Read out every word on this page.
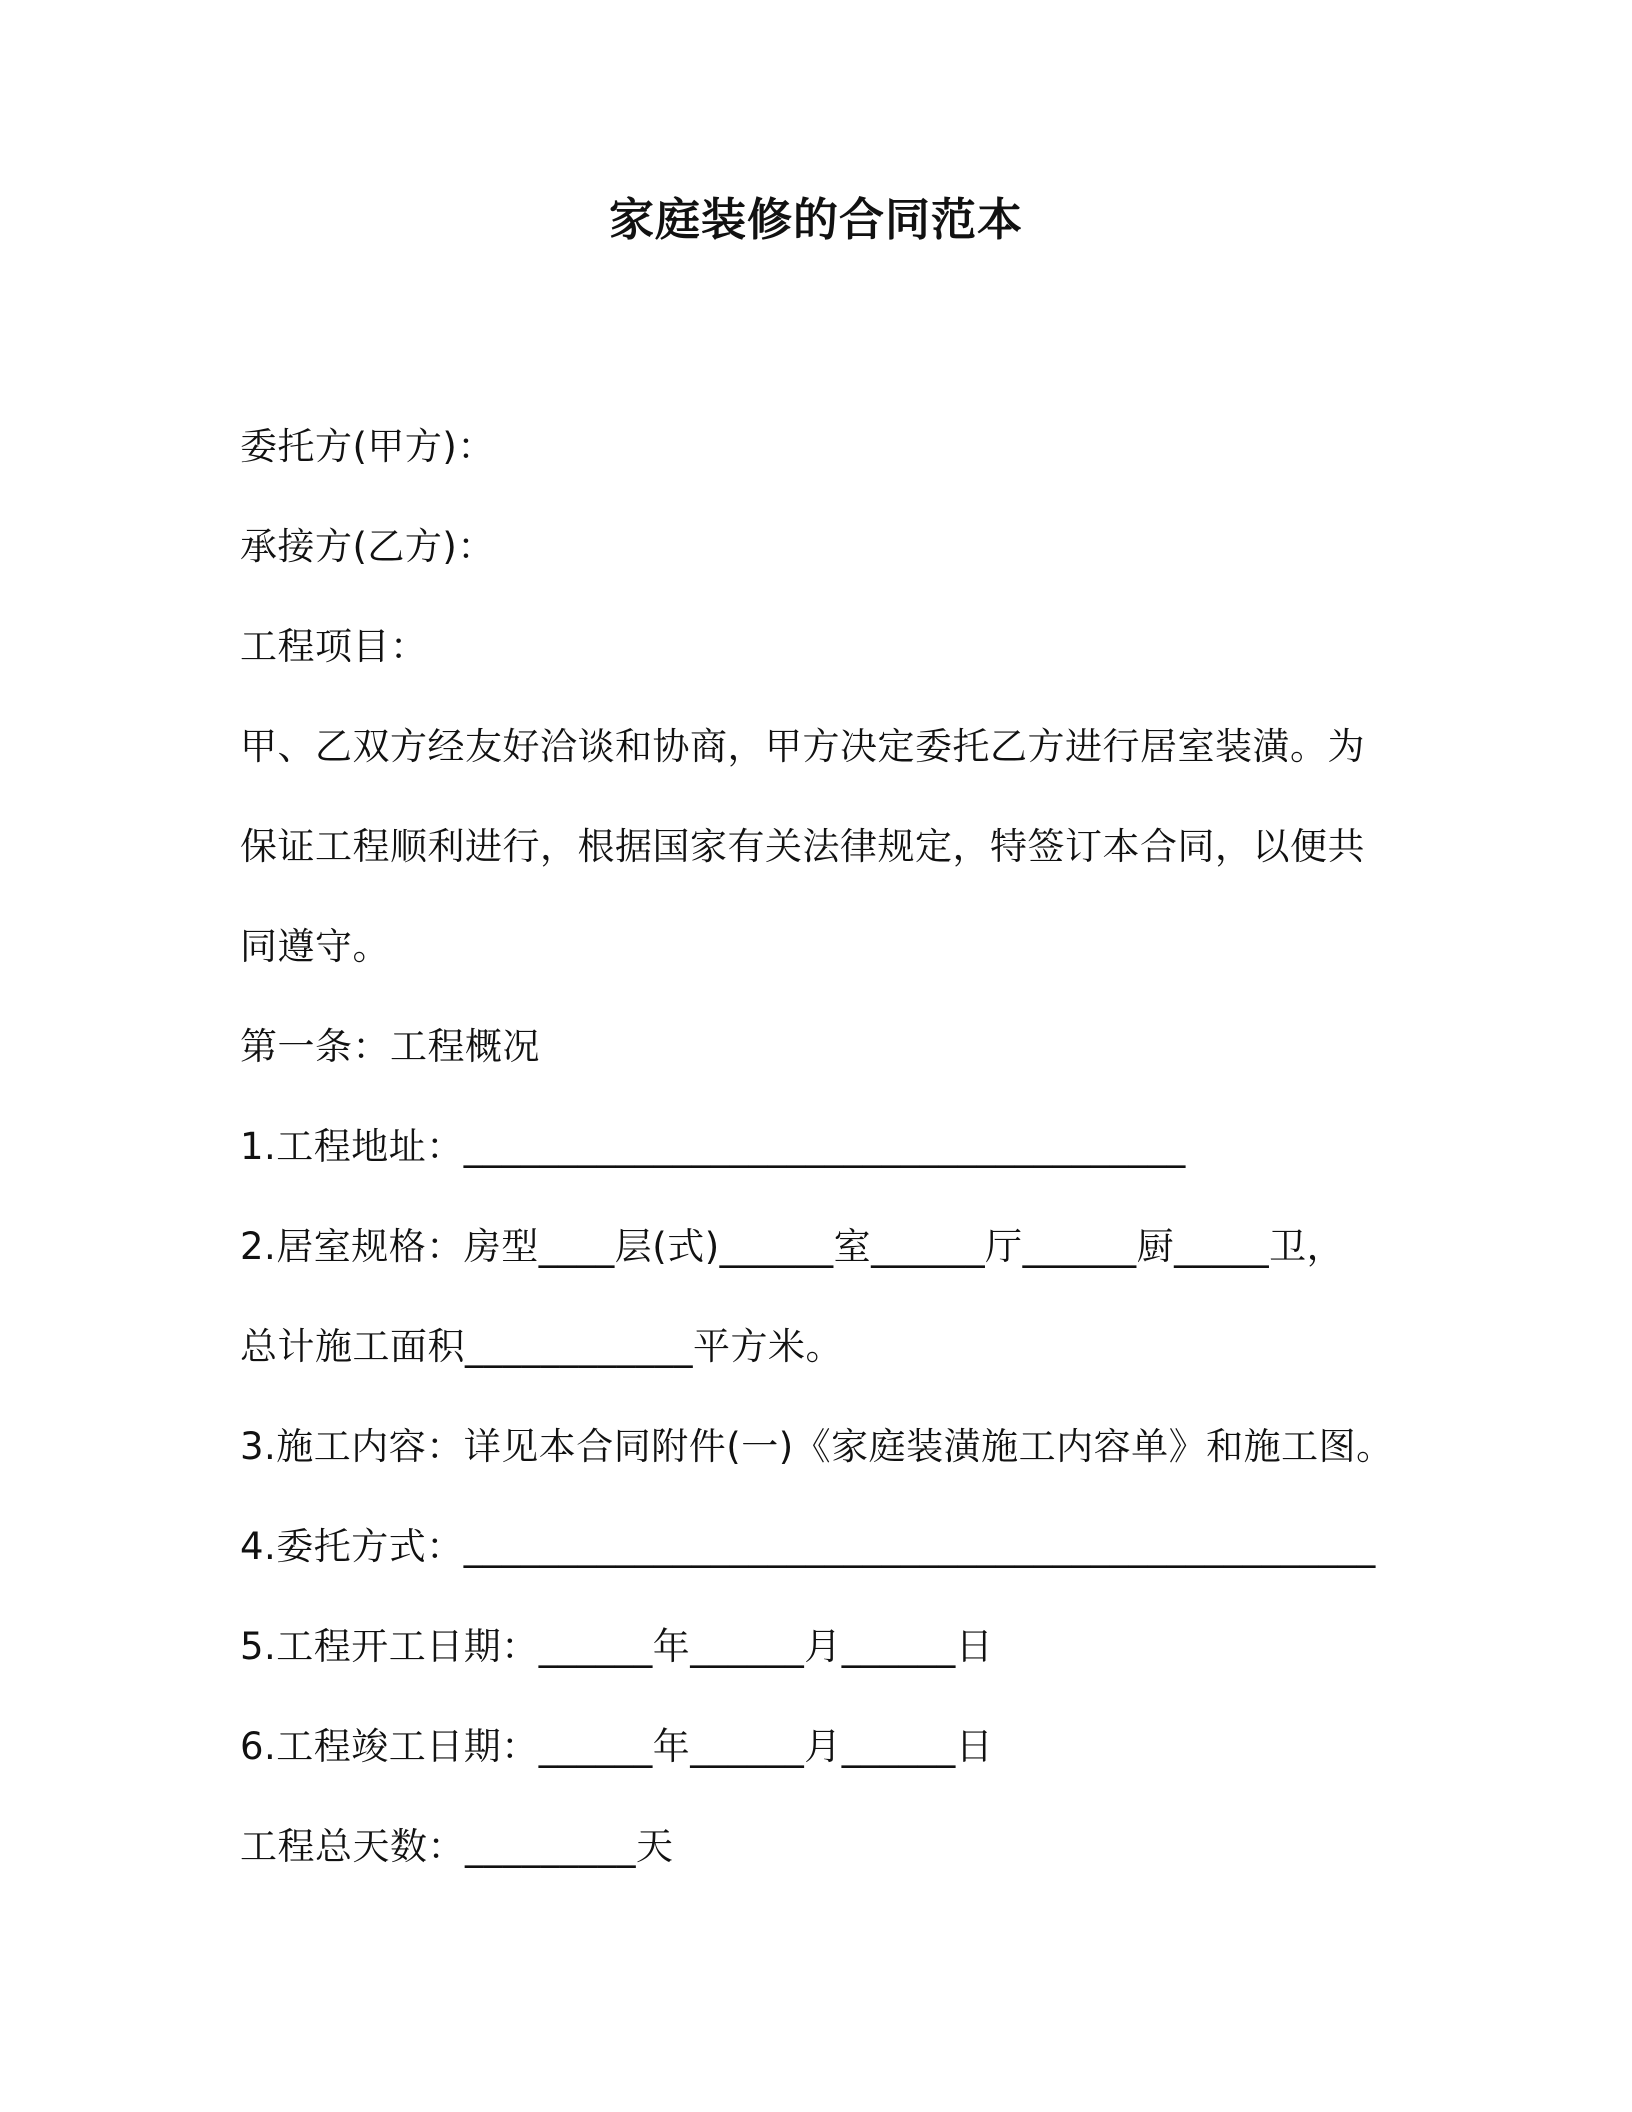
家庭装修的合同范本
委托方(甲方)：
承接方(乙方)：
工程项目：
甲、乙双方经友好洽谈和协商，甲方决定委托乙方进行居室装潢。为
保证工程顺利进行，根据国家有关法律规定，特签订本合同，以便共
同遵守。
第一条：工程概况
1.工程地址：______________________________________
2.居室规格：房型____层(式)______室______厅______厨_____卫，
总计施工面积____________平方米。
3.施工内容：详见本合同附件(一)《家庭装潢施工内容单》和施工图。
4.委托方式：________________________________________________
5.工程开工日期：______年______月______日
6.工程竣工日期：______年______月______日
工程总天数：_________天
